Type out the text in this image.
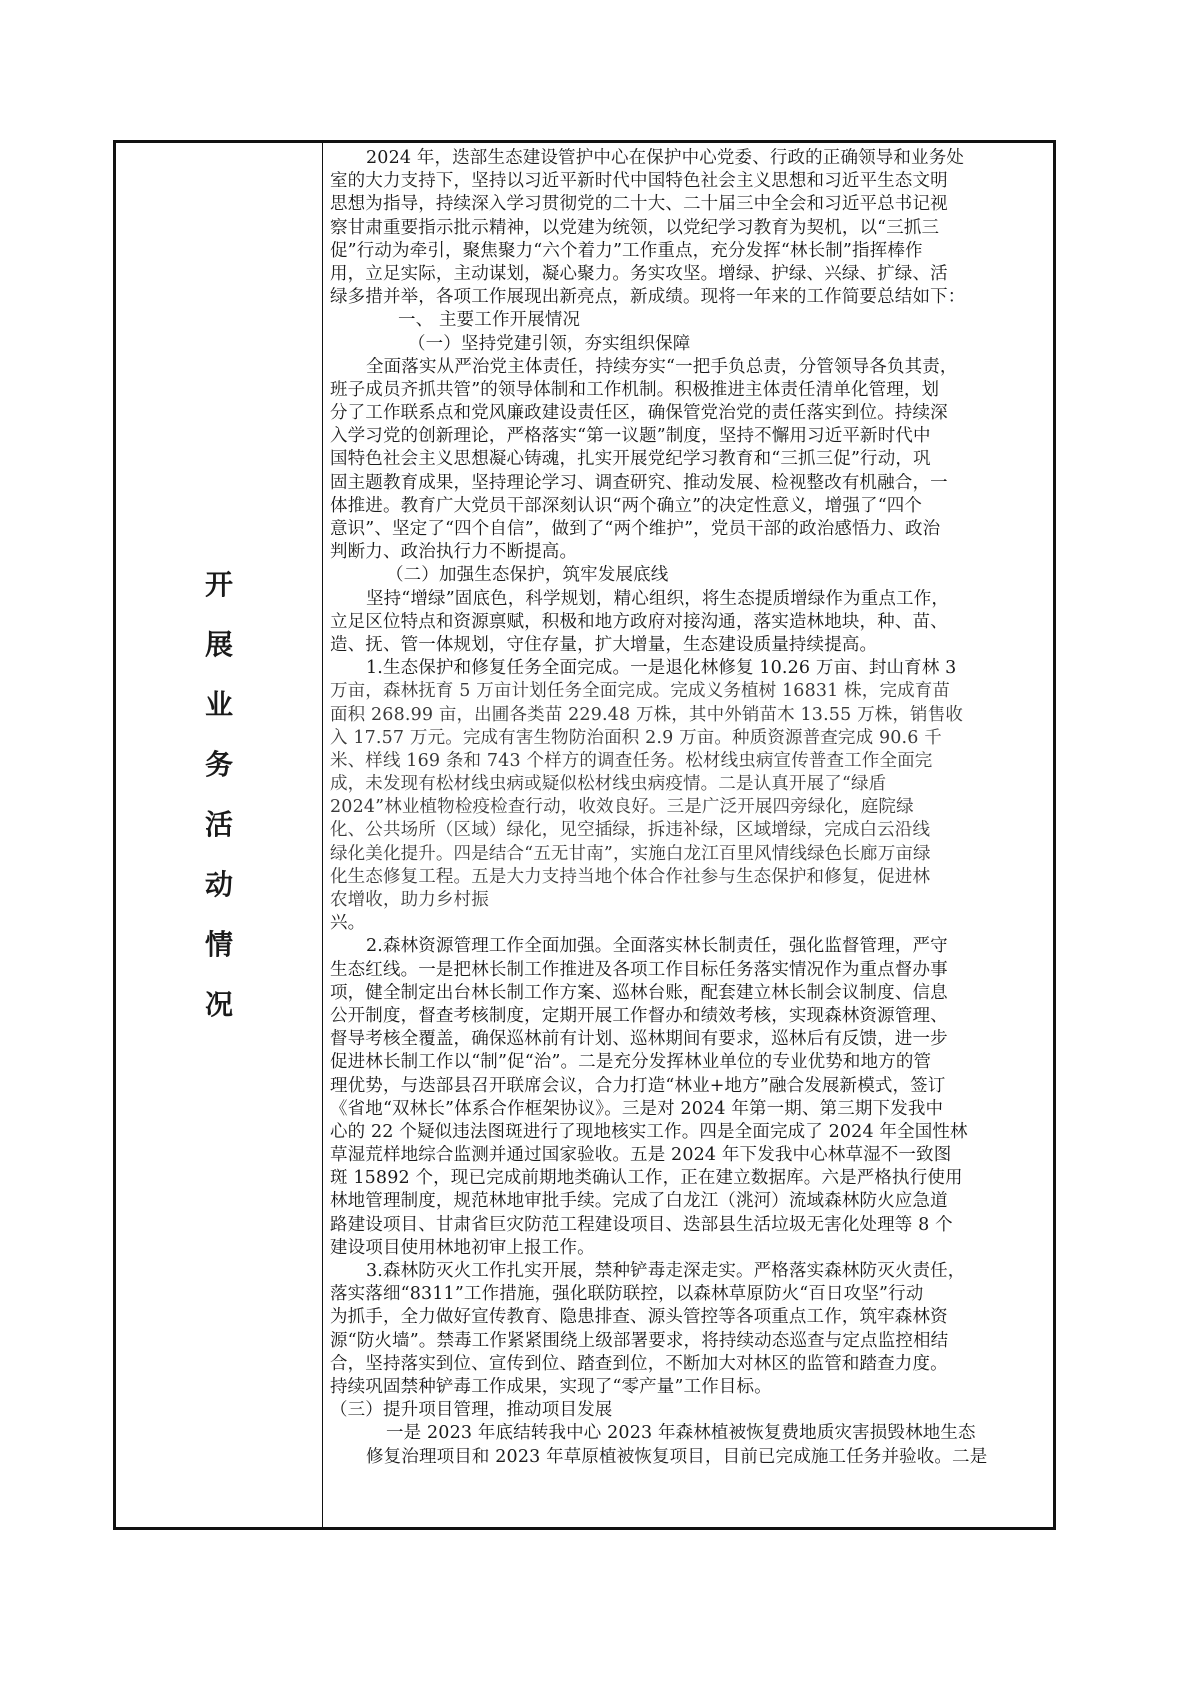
开
展
业
务
活
动
情
况
2024 年，迭部生态建设管护中心在保护中心党委、行政的正确领导和业务处
室的大力支持下，坚持以习近平新时代中国特色社会主义思想和习近平生态文明
思想为指导，持续深入学习贯彻党的二十大、二十届三中全会和习近平总书记视
察甘肃重要指示批示精神，以党建为统领，以党纪学习教育为契机，以“三抓三
促”行动为牵引，聚焦聚力“六个着力”工作重点，充分发挥“林长制”指挥棒作
用，立足实际，主动谋划，凝心聚力。务实攻坚。增绿、护绿、兴绿、扩绿、活
绿多措并举，各项工作展现出新亮点，新成绩。现将一年来的工作简要总结如下：
一、 主要工作开展情况
（一）坚持党建引领，夯实组织保障
全面落实从严治党主体责任，持续夯实“一把手负总责，分管领导各负其责，
班子成员齐抓共管”的领导体制和工作机制。积极推进主体责任清单化管理，划
分了工作联系点和党风廉政建设责任区，确保管党治党的责任落实到位。持续深
入学习党的创新理论，严格落实“第一议题”制度，坚持不懈用习近平新时代中
国特色社会主义思想凝心铸魂，扎实开展党纪学习教育和“三抓三促”行动，巩
固主题教育成果，坚持理论学习、调查研究、推动发展、检视整改有机融合，一
体推进。教育广大党员干部深刻认识“两个确立”的决定性意义，增强了“四个
意识”、坚定了“四个自信”，做到了“两个维护”，党员干部的政治感悟力、政治
判断力、政治执行力不断提高。
（二）加强生态保护，筑牢发展底线
坚持“增绿”固底色，科学规划，精心组织，将生态提质增绿作为重点工作，
立足区位特点和资源禀赋，积极和地方政府对接沟通，落实造林地块，种、苗、
造、抚、管一体规划，守住存量，扩大增量，生态建设质量持续提高。
1.生态保护和修复任务全面完成。一是退化林修复 10.26 万亩、封山育林 3
万亩，森林抚育 5 万亩计划任务全面完成。完成义务植树 16831 株，完成育苗
面积 268.99 亩，出圃各类苗 229.48 万株，其中外销苗木 13.55 万株，销售收
入 17.57 万元。完成有害生物防治面积 2.9 万亩。种质资源普查完成 90.6 千
米、样线 169 条和 743 个样方的调查任务。松材线虫病宣传普查工作全面完
成，未发现有松材线虫病或疑似松材线虫病疫情。二是认真开展了“绿盾
2024”林业植物检疫检查行动，收效良好。三是广泛开展四旁绿化，庭院绿
化、公共场所（区域）绿化，见空插绿，拆违补绿，区域增绿，完成白云沿线
绿化美化提升。四是结合“五无甘南”，实施白龙江百里风情线绿色长廊万亩绿
化生态修复工程。五是大力支持当地个体合作社参与生态保护和修复，促进林
农增收，助力乡村振
兴。
2.森林资源管理工作全面加强。全面落实林长制责任，强化监督管理，严守
生态红线。一是把林长制工作推进及各项工作目标任务落实情况作为重点督办事
项，健全制定出台林长制工作方案、巡林台账，配套建立林长制会议制度、信息
公开制度，督查考核制度，定期开展工作督办和绩效考核，实现森林资源管理、
督导考核全覆盖，确保巡林前有计划、巡林期间有要求，巡林后有反馈，进一步
促进林长制工作以“制”促“治”。二是充分发挥林业单位的专业优势和地方的管
理优势，与迭部县召开联席会议，合力打造“林业+地方”融合发展新模式，签订
《省地“双林长”体系合作框架协议》。三是对 2024 年第一期、第三期下发我中
心的 22 个疑似违法图斑进行了现地核实工作。四是全面完成了 2024 年全国性林
草湿荒样地综合监测并通过国家验收。五是 2024 年下发我中心林草湿不一致图
斑 15892 个，现已完成前期地类确认工作，正在建立数据库。六是严格执行使用
林地管理制度，规范林地审批手续。完成了白龙江（洮河）流域森林防火应急道
路建设项目、甘肃省巨灾防范工程建设项目、迭部县生活垃圾无害化处理等 8 个
建设项目使用林地初审上报工作。
3.森林防灭火工作扎实开展，禁种铲毒走深走实。严格落实森林防灭火责任，
落实落细“8311”工作措施，强化联防联控，以森林草原防火“百日攻坚”行动
为抓手，全力做好宣传教育、隐患排查、源头管控等各项重点工作，筑牢森林资
源“防火墙”。禁毒工作紧紧围绕上级部署要求，将持续动态巡查与定点监控相结
合，坚持落实到位、宣传到位、踏查到位，不断加大对林区的监管和踏查力度。
持续巩固禁种铲毒工作成果，实现了“零产量”工作目标。
（三）提升项目管理，推动项目发展
一是 2023 年底结转我中心 2023 年森林植被恢复费地质灾害损毁林地生态
修复治理项目和 2023 年草原植被恢复项目，目前已完成施工任务并验收。二是
